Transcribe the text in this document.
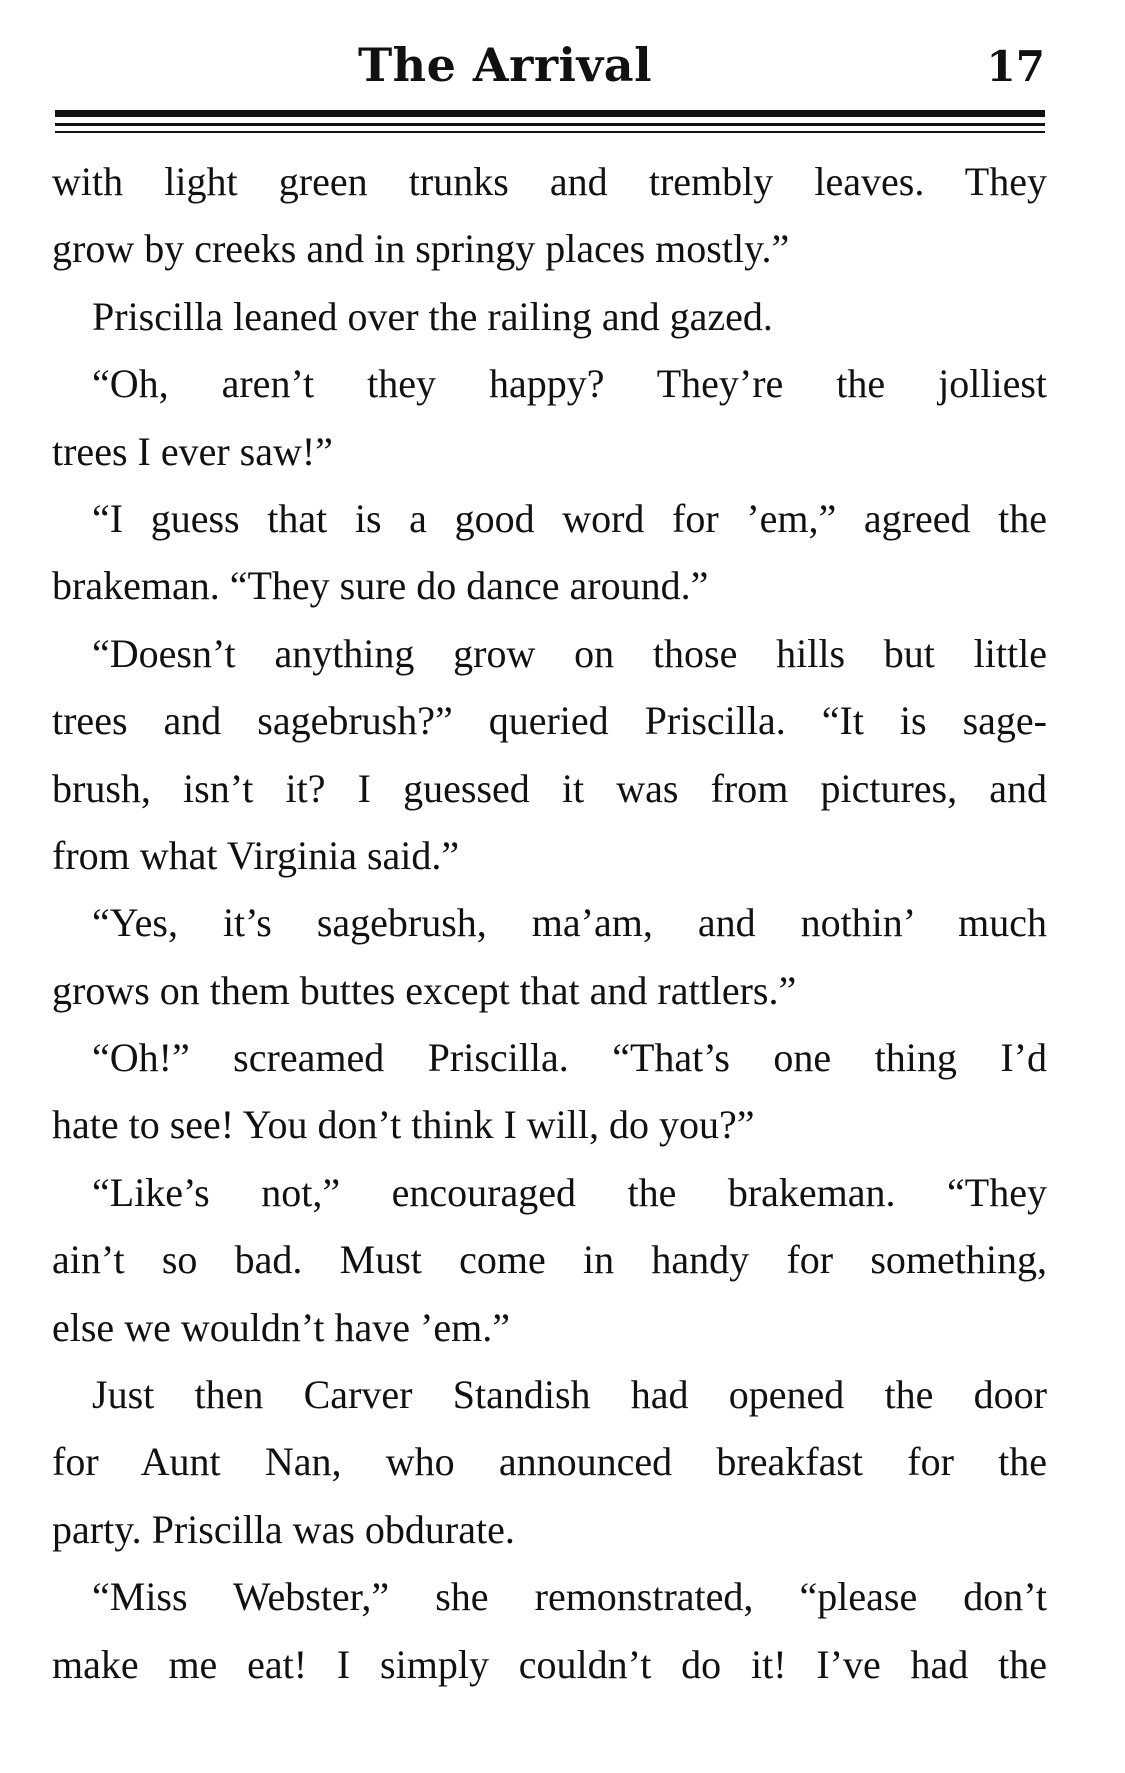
The Arrival	17
with light green trunks and trembly leaves. They
grow by creeks and in springy places mostly.”
Priscilla leaned over the railing and gazed.
“Oh, aren’t they happy? They’re the jolliest
trees I ever saw!”
“I guess that is a good word for ’em,” agreed the
brakeman. “They sure do dance around.”
“Doesn’t anything grow on those hills but little
trees and sagebrush?” queried Priscilla. “It is sage-
brush, isn’t it? I guessed it was from pictures, and
from what Virginia said.”
“Yes, it’s sagebrush, ma’am, and nothin’ much
grows on them buttes except that and rattlers.”
“Oh!” screamed Priscilla. “That’s one thing I’d
hate to see! You don’t think I will, do you?”
“Like’s not,” encouraged the brakeman. “They
ain’t so bad. Must come in handy for something,
else we wouldn’t have ’em.”
Just then Carver Standish had opened the door
for Aunt Nan, who announced breakfast for the
party. Priscilla was obdurate.
“Miss Webster,” she remonstrated, “please don’t
make me eat! I simply couldn’t do it! I’ve had the
